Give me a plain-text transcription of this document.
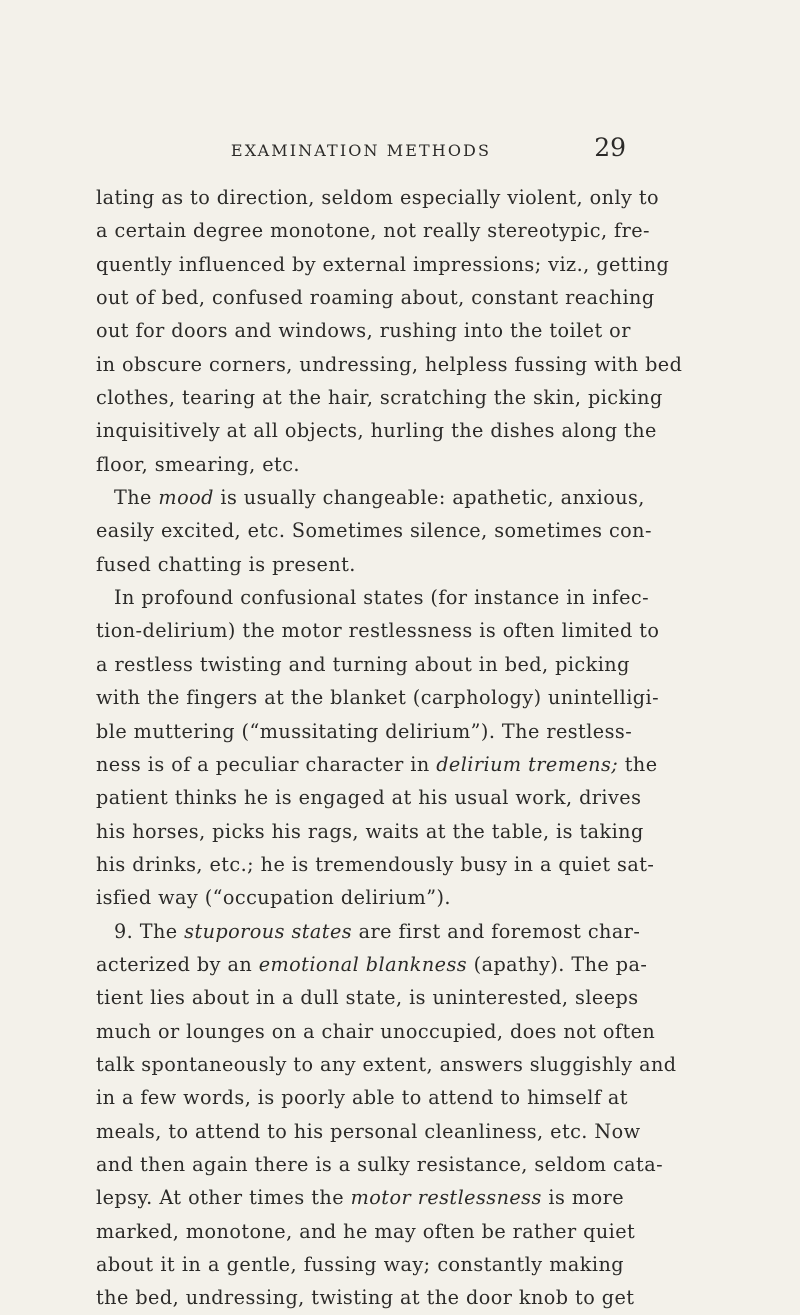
EXAMINATION METHODS	29
lating as to direction, seldom especially violent, only to
a certain degree monotone, not really stereotypic, fre-
quently influenced by external impressions; viz., getting
out of bed, confused roaming about, constant reaching
out for doors and windows, rushing into the toilet or
in obscure corners, undressing, helpless fussing with bed
clothes, tearing at the hair, scratching the skin, picking
inquisitively at all objects, hurling the dishes along the
floor, smearing, etc.
The mood is usually changeable: apathetic, anxious,
easily excited, etc. Sometimes silence, sometimes con-
fused chatting is present.
In profound confusional states (for instance in infec-
tion-delirium) the motor restlessness is often limited to
a restless twisting and turning about in bed, picking
with the fingers at the blanket (carphology) unintelligi-
ble muttering (“mussitating delirium”). The restless-
ness is of a peculiar character in delirium tremens; the
patient thinks he is engaged at his usual work, drives
his horses, picks his rags, waits at the table, is taking
his drinks, etc.; he is tremendously busy in a quiet sat-
isfied way (“occupation delirium”).
9. The stuporous states are first and foremost char-
acterized by an emotional blankness (apathy). The pa-
tient lies about in a dull state, is uninterested, sleeps
much or lounges on a chair unoccupied, does not often
talk spontaneously to any extent, answers sluggishly and
in a few words, is poorly able to attend to himself at
meals, to attend to his personal cleanliness, etc. Now
and then again there is a sulky resistance, seldom cata-
lepsy. At other times the motor restlessness is more
marked, monotone, and he may often be rather quiet
about it in a gentle, fussing way; constantly making
the bed, undressing, twisting at the door knob to get
